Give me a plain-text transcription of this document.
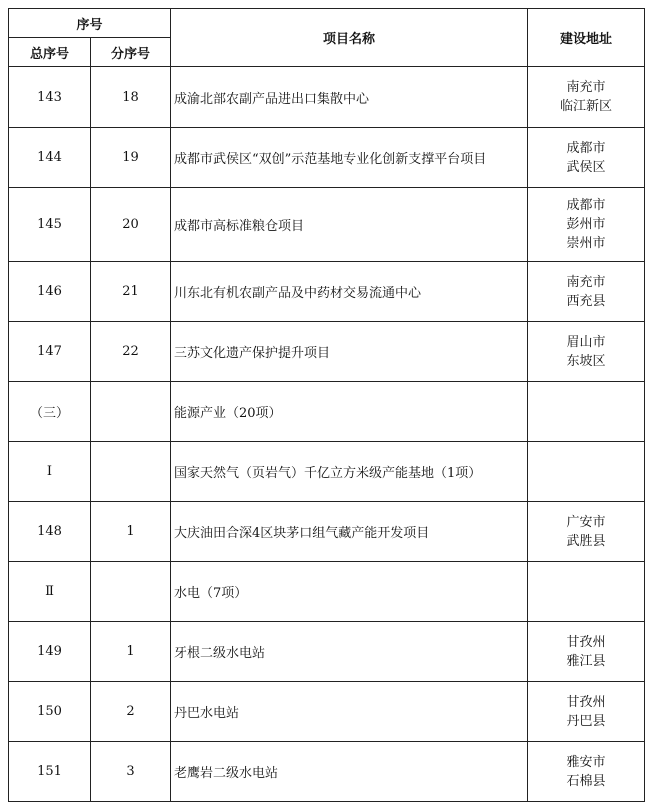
序号		项目名称	建设地址
总序号	分序号		
143	18	成渝北部农副产品进出口集散中心	南充市
临江新区

144	19	成都市武侯区“双创”示范基地专业化创新支撑平台项目	成都市
武侯区

145	20	成都市高标准粮仓项目	成都市
彭州市
崇州市

146	21	川东北有机农副产品及中药材交易流通中心	南充市
西充县

147	22	三苏文化遗产保护提升项目	眉山市
东坡区

（三）		能源产业（20项）	
Ⅰ		国家天然气（页岩气）千亿立方米级产能基地（1项）	
148	1	大庆油田合深4区块茅口组气藏产能开发项目	广安市
武胜县

Ⅱ		水电（7项）	
149	1	牙根二级水电站	甘孜州
雅江县

150	2	丹巴水电站	甘孜州
丹巴县

151	3	老鹰岩二级水电站	雅安市
石棉县
